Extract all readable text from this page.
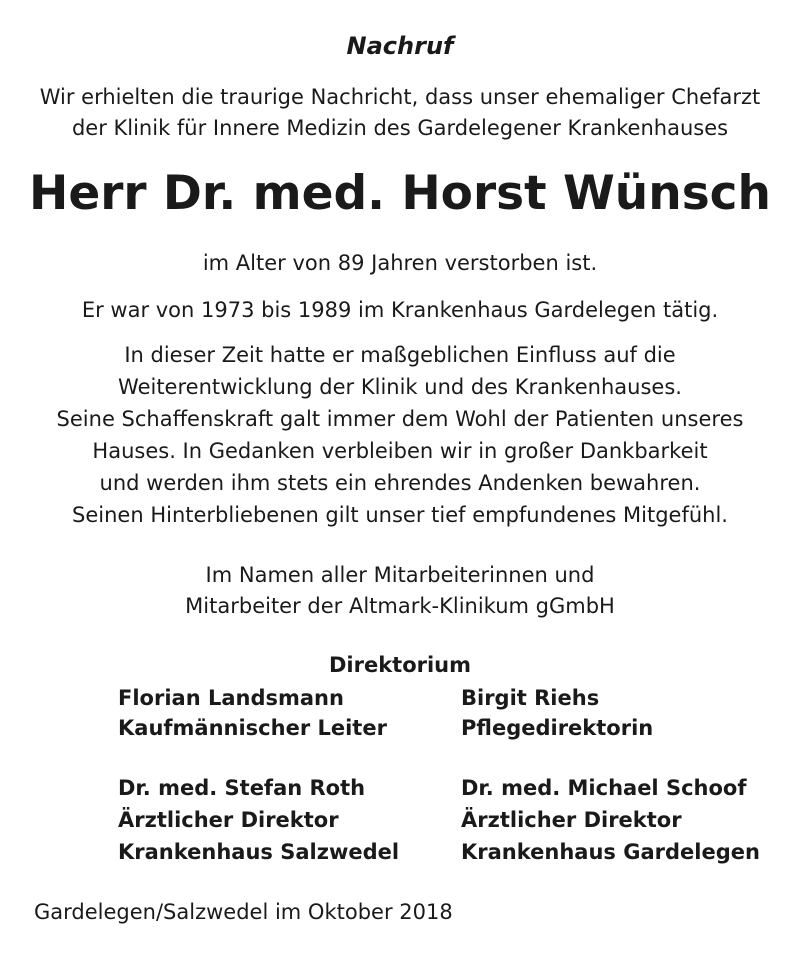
Nachruf
Wir erhielten die traurige Nachricht, dass unser ehemaliger Chefarzt
der Klinik für Innere Medizin des Gardelegener Krankenhauses
Herr Dr. med. Horst Wünsch
im Alter von 89 Jahren verstorben ist.
Er war von 1973 bis 1989 im Krankenhaus Gardelegen tätig.
In dieser Zeit hatte er maßgeblichen Einfluss auf die
Weiterentwicklung der Klinik und des Krankenhauses.
Seine Schaffenskraft galt immer dem Wohl der Patienten unseres
Hauses. In Gedanken verbleiben wir in großer Dankbarkeit
und werden ihm stets ein ehrendes Andenken bewahren.
Seinen Hinterbliebenen gilt unser tief empfundenes Mitgefühl.
Im Namen aller Mitarbeiterinnen und
Mitarbeiter der Altmark-Klinikum gGmbH
Direktorium
Florian Landsmann
Kaufmännischer Leiter
Birgit Riehs
Pflegedirektorin
Dr. med. Stefan Roth
Ärztlicher Direktor
Krankenhaus Salzwedel
Dr. med. Michael Schoof
Ärztlicher Direktor
Krankenhaus Gardelegen
Gardelegen/Salzwedel im Oktober 2018
